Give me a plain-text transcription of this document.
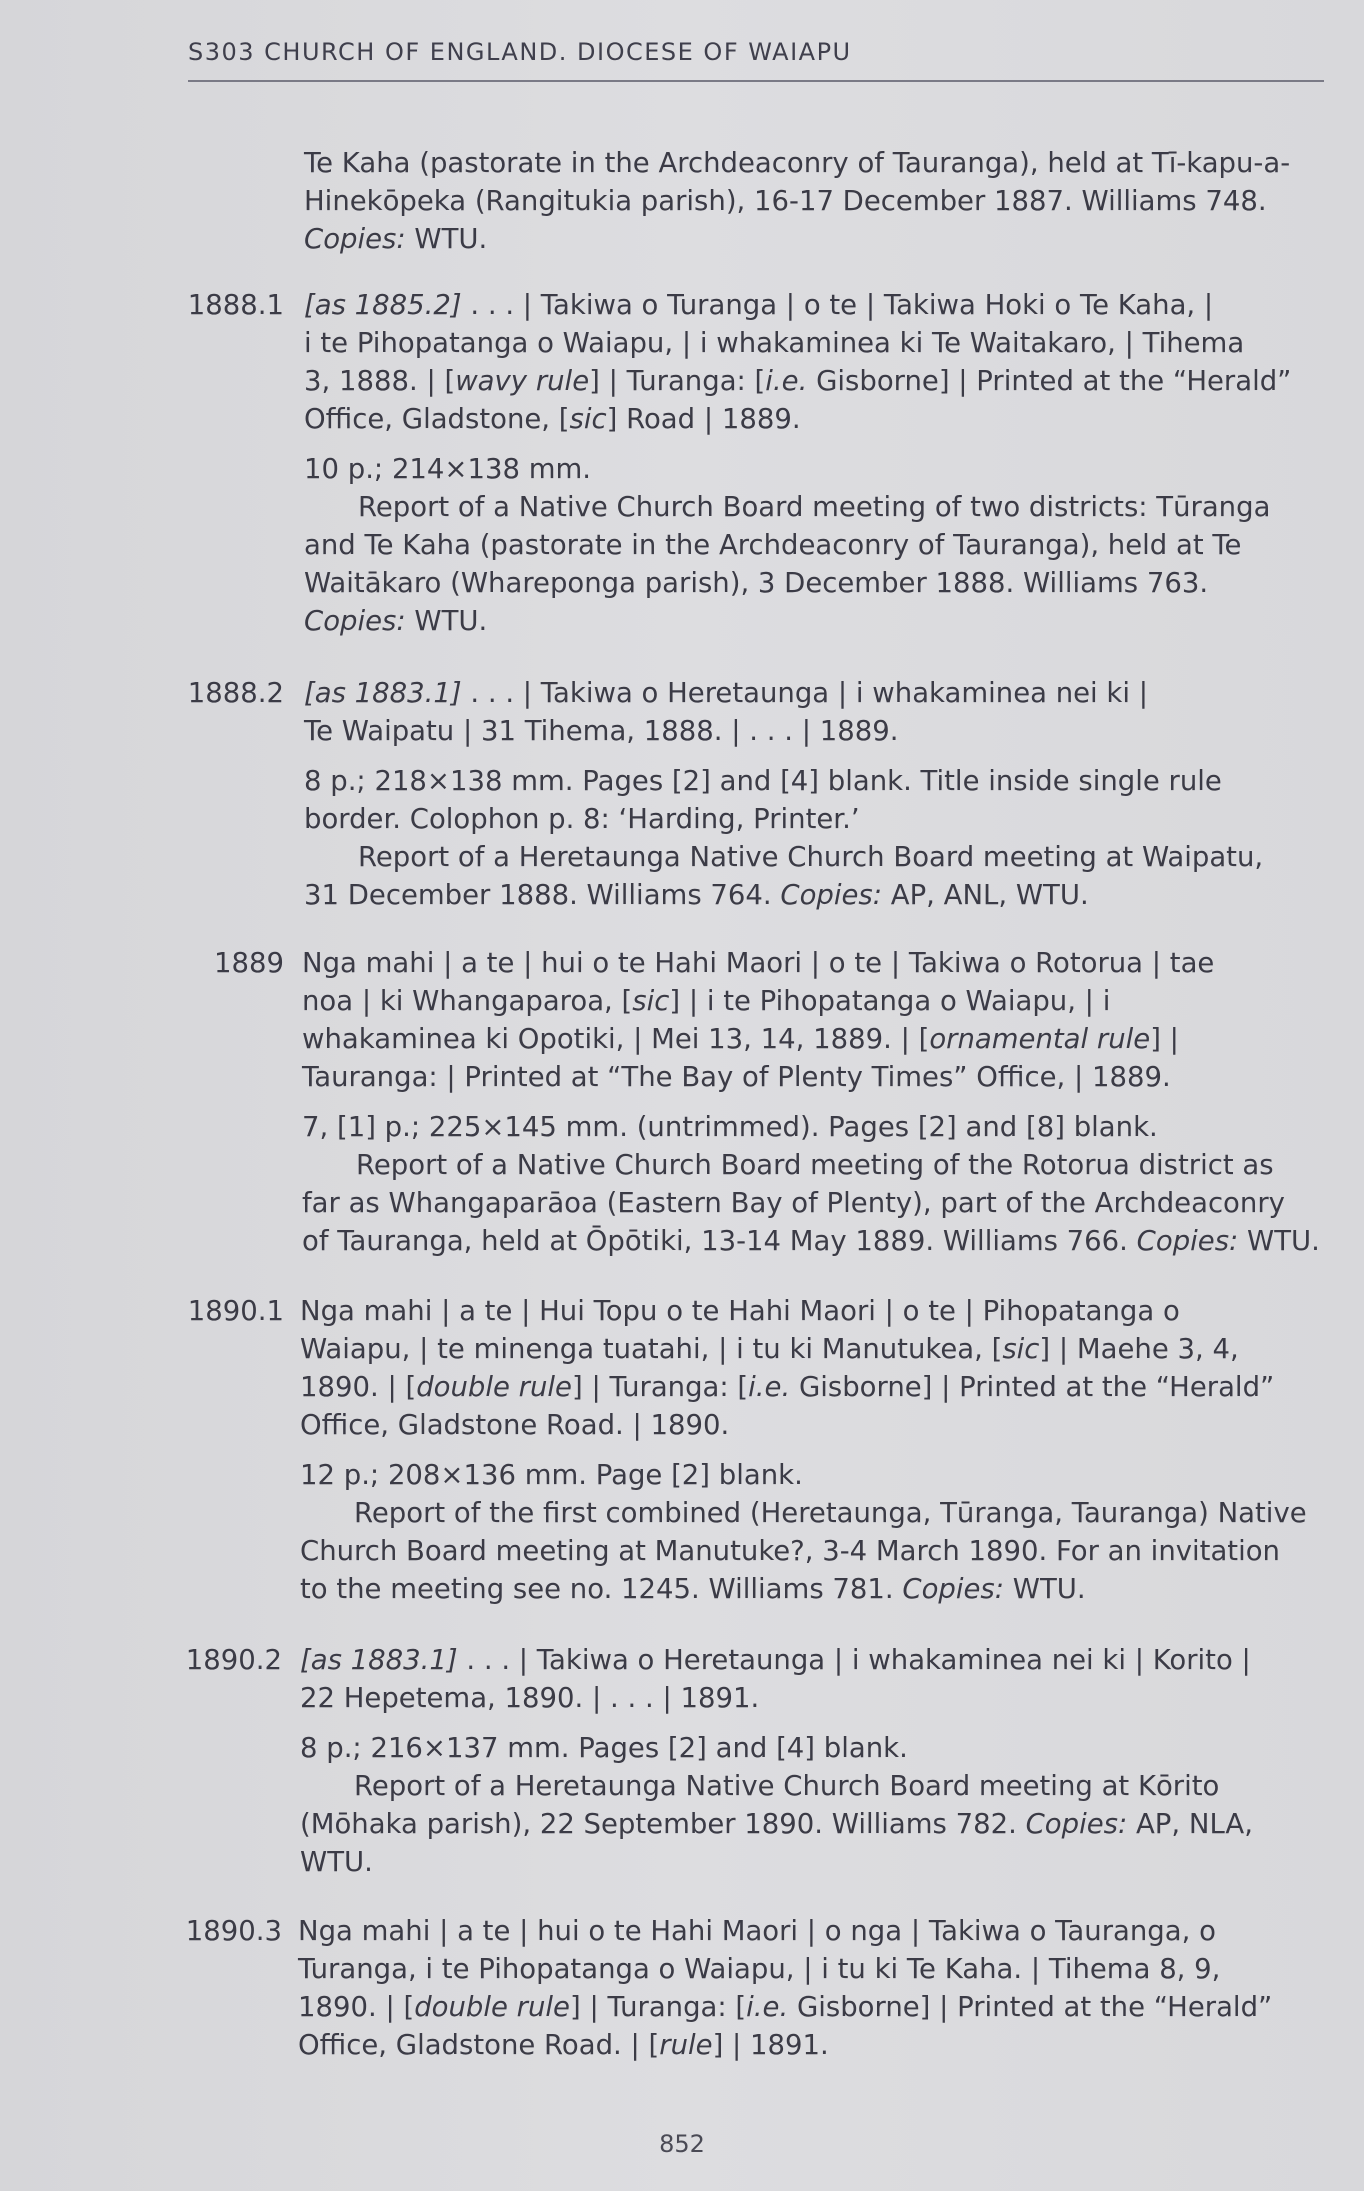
S303 CHURCH OF ENGLAND. DIOCESE OF WAIAPU
Te Kaha (pastorate in the Archdeaconry of Tauranga), held at Tī-kapu-a-
Hinekōpeka (Rangitukia parish), 16-17 December 1887. Williams 748.
Copies: WTU.
1888.1 [as 1885.2] . . . | Takiwa o Turanga | o te | Takiwa Hoki o Te Kaha, |
i te Pihopatanga o Waiapu, | i whakaminea ki Te Waitakaro, | Tihema
3, 1888. | [wavy rule] | Turanga: [i.e. Gisborne] | Printed at the “Herald”
Office, Gladstone, [sic] Road | 1889.
10 p.; 214×138 mm.
Report of a Native Church Board meeting of two districts: Tūranga
and Te Kaha (pastorate in the Archdeaconry of Tauranga), held at Te
Waitākaro (Whareponga parish), 3 December 1888. Williams 763.
Copies: WTU.
1888.2 [as 1883.1] . . . | Takiwa o Heretaunga | i whakaminea nei ki |
Te Waipatu | 31 Tihema, 1888. | . . . | 1889.
8 p.; 218×138 mm. Pages [2] and [4] blank. Title inside single rule
border. Colophon p. 8: ‘Harding, Printer.’
Report of a Heretaunga Native Church Board meeting at Waipatu,
31 December 1888. Williams 764. Copies: AP, ANL, WTU.
1889 Nga mahi | a te | hui o te Hahi Maori | o te | Takiwa o Rotorua | tae
noa | ki Whangaparoa, [sic] | i te Pihopatanga o Waiapu, | i
whakaminea ki Opotiki, | Mei 13, 14, 1889. | [ornamental rule] |
Tauranga: | Printed at “The Bay of Plenty Times” Office, | 1889.
7, [1] p.; 225×145 mm. (untrimmed). Pages [2] and [8] blank.
Report of a Native Church Board meeting of the Rotorua district as
far as Whangaparāoa (Eastern Bay of Plenty), part of the Archdeaconry
of Tauranga, held at Ōpōtiki, 13-14 May 1889. Williams 766. Copies: WTU.
1890.1 Nga mahi | a te | Hui Topu o te Hahi Maori | o te | Pihopatanga o
Waiapu, | te minenga tuatahi, | i tu ki Manutukea, [sic] | Maehe 3, 4,
1890. | [double rule] | Turanga: [i.e. Gisborne] | Printed at the “Herald”
Office, Gladstone Road. | 1890.
12 p.; 208×136 mm. Page [2] blank.
Report of the first combined (Heretaunga, Tūranga, Tauranga) Native
Church Board meeting at Manutuke?, 3-4 March 1890. For an invitation
to the meeting see no. 1245. Williams 781. Copies: WTU.
1890.2 [as 1883.1] . . . | Takiwa o Heretaunga | i whakaminea nei ki | Korito |
22 Hepetema, 1890. | . . . | 1891.
8 p.; 216×137 mm. Pages [2] and [4] blank.
Report of a Heretaunga Native Church Board meeting at Kōrito
(Mōhaka parish), 22 September 1890. Williams 782. Copies: AP, NLA,
WTU.
1890.3 Nga mahi | a te | hui o te Hahi Maori | o nga | Takiwa o Tauranga, o
Turanga, i te Pihopatanga o Waiapu, | i tu ki Te Kaha. | Tihema 8, 9,
1890. | [double rule] | Turanga: [i.e. Gisborne] | Printed at the “Herald”
Office, Gladstone Road. | [rule] | 1891.
852
